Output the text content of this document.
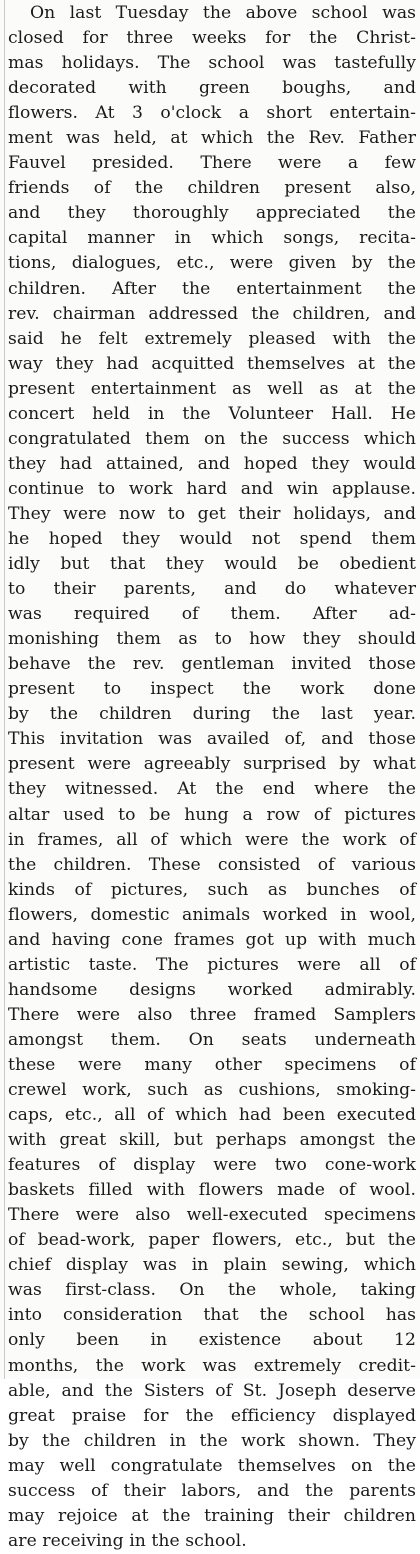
On last Tuesday the above school was
closed for three weeks for the Christ-
mas holidays. The school was tastefully
decorated with green boughs, and
flowers. At 3 o'clock a short entertain-
ment was held, at which the Rev. Father
Fauvel presided. There were a few
friends of the children present also,
and they thoroughly appreciated the
capital manner in which songs, recita-
tions, dialogues, etc., were given by the
children. After the entertainment the
rev. chairman addressed the children, and
said he felt extremely pleased with the
way they had acquitted themselves at the
present entertainment as well as at the
concert held in the Volunteer Hall. He
congratulated them on the success which
they had attained, and hoped they would
continue to work hard and win applause.
They were now to get their holidays, and
he hoped they would not spend them
idly but that they would be obedient
to their parents, and do whatever
was required of them. After ad-
monishing them as to how they should
behave the rev. gentleman invited those
present to inspect the work done
by the children during the last year.
This invitation was availed of, and those
present were agreeably surprised by what
they witnessed. At the end where the
altar used to be hung a row of pictures
in frames, all of which were the work of
the children. These consisted of various
kinds of pictures, such as bunches of
flowers, domestic animals worked in wool,
and having cone frames got up with much
artistic taste. The pictures were all of
handsome designs worked admirably.
There were also three framed Samplers
amongst them. On seats underneath
these were many other specimens of
crewel work, such as cushions, smoking-
caps, etc., all of which had been executed
with great skill, but perhaps amongst the
features of display were two cone-work
baskets filled with flowers made of wool.
There were also well-executed specimens
of bead-work, paper flowers, etc., but the
chief display was in plain sewing, which
was first-class. On the whole, taking
into consideration that the school has
only been in existence about 12
months, the work was extremely credit-
able, and the Sisters of St. Joseph deserve
great praise for the efficiency displayed
by the children in the work shown. They
may well congratulate themselves on the
success of their labors, and the parents
may rejoice at the training their children
are receiving in the school.
